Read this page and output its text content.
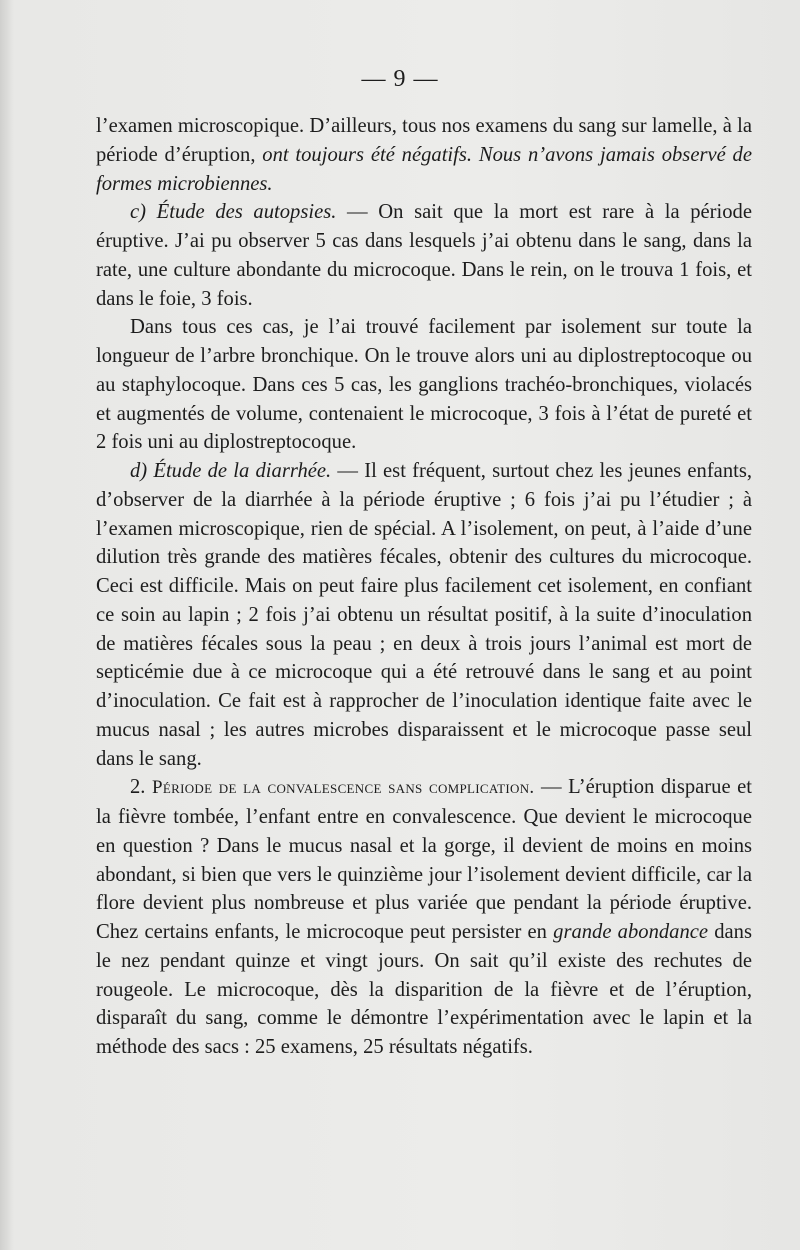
— 9 —

l’examen microscopique. D’ailleurs, tous nos examens du sang sur lamelle, à la période d’éruption, ont toujours été négatifs. Nous n’avons jamais observé de formes microbiennes.

c) Étude des autopsies. — On sait que la mort est rare à la période éruptive. J’ai pu observer 5 cas dans lesquels j’ai obtenu dans le sang, dans la rate, une culture abondante du microcoque. Dans le rein, on le trouva 1 fois, et dans le foie, 3 fois.

Dans tous ces cas, je l’ai trouvé facilement par isolement sur toute la longueur de l’arbre bronchique. On le trouve alors uni au diplostreptocoque ou au staphylocoque. Dans ces 5 cas, les ganglions trachéo-bronchiques, violacés et augmentés de volume, contenaient le microcoque, 3 fois à l’état de pureté et 2 fois uni au diplostreptocoque.

d) Étude de la diarrhée. — Il est fréquent, surtout chez les jeunes enfants, d’observer de la diarrhée à la période éruptive ; 6 fois j’ai pu l’étudier ; à l’examen microscopique, rien de spécial. A l’isolement, on peut, à l’aide d’une dilution très grande des matières fécales, obtenir des cultures du microcoque. Ceci est difficile. Mais on peut faire plus facilement cet isolement, en confiant ce soin au lapin ; 2 fois j’ai obtenu un résultat positif, à la suite d’inoculation de matières fécales sous la peau ; en deux à trois jours l’animal est mort de septicémie due à ce microcoque qui a été retrouvé dans le sang et au point d’inoculation. Ce fait est à rapprocher de l’inoculation identique faite avec le mucus nasal ; les autres microbes disparaissent et le microcoque passe seul dans le sang.

2. Période de la convalescence sans complication. — L’éruption disparue et la fièvre tombée, l’enfant entre en convalescence. Que devient le microcoque en question ? Dans le mucus nasal et la gorge, il devient de moins en moins abondant, si bien que vers le quinzième jour l’isolement devient difficile, car la flore devient plus nombreuse et plus variée que pendant la période éruptive. Chez certains enfants, le microcoque peut persister en grande abondance dans le nez pendant quinze et vingt jours. On sait qu’il existe des rechutes de rougeole. Le microcoque, dès la disparition de la fièvre et de l’éruption, disparaît du sang, comme le démontre l’expérimentation avec le lapin et la méthode des sacs : 25 examens, 25 résultats négatifs.
